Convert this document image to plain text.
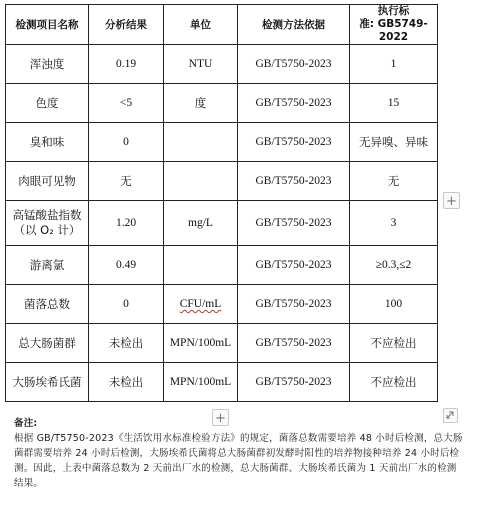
检测项目名称	分析结果	单位	检测方法依据	执行标
准: GB5749-2022

浑浊度	0.19	NTU	GB/T5750-2023	1
色度	<5	度	GB/T5750-2023	15
臭和味	0		GB/T5750-2023	无异嗅、异味
肉眼可见物	无		GB/T5750-2023	无

高锰酸盐指数
（以 O₂ 计）	1.20	mg/L	GB/T5750-2023	3
游离氯	0.49		GB/T5750-2023	≥0.3,≤2
菌落总数	0	CFU/mL	GB/T5750-2023	100
总大肠菌群	未检出	MPN/100mL	GB/T5750-2023	不应检出
大肠埃希氏菌	未检出	MPN/100mL	GB/T5750-2023	不应检出
+
+
备注:
根据 GB/T5750-2023《生活饮用水标准检验方法》的规定，菌落总数需要培养 48 小时后检测，总大肠菌群需要培养 24 小时后检测，大肠埃希氏菌将总大肠菌群初发酵时阳性的培养物接种培养 24 小时后检测。因此，上表中菌落总数为 2 天前出厂水的检测，总大肠菌群、大肠埃希氏菌为 1 天前出厂水的检测结果。
